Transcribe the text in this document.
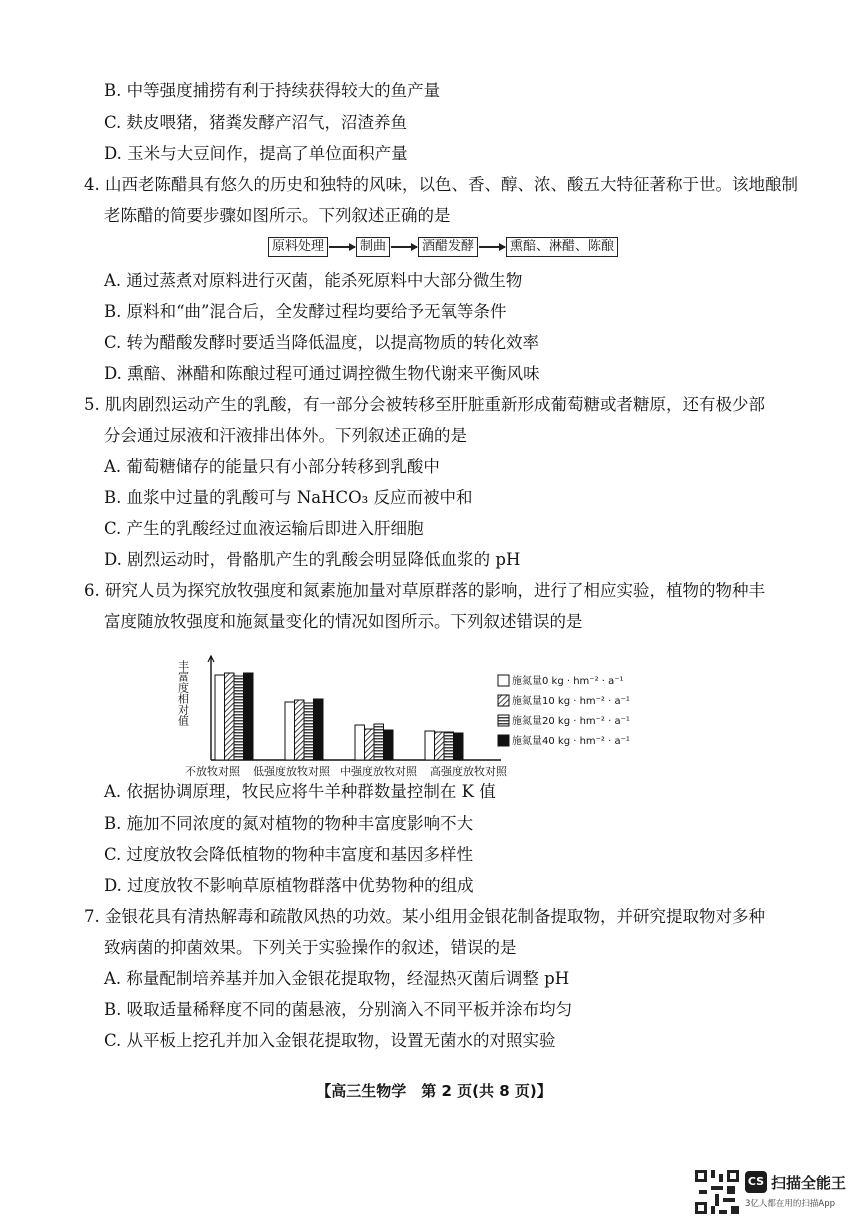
B. 中等强度捕捞有利于持续获得较大的鱼产量
C. 麸皮喂猪，猪粪发酵产沼气，沼渣养鱼
D. 玉米与大豆间作，提高了单位面积产量
4. 山西老陈醋具有悠久的历史和独特的风味，以色、香、醇、浓、酸五大特征著称于世。该地酿制
老陈醋的简要步骤如图所示。下列叙述正确的是
原料处理	制曲	酒醋发酵	熏醅、淋醋、陈酿
A. 通过蒸煮对原料进行灭菌，能杀死原料中大部分微生物
B. 原料和“曲”混合后，全发酵过程均要给予无氧等条件
C. 转为醋酸发酵时要适当降低温度，以提高物质的转化效率
D. 熏醅、淋醋和陈酿过程可通过调控微生物代谢来平衡风味
5. 肌肉剧烈运动产生的乳酸，有一部分会被转移至肝脏重新形成葡萄糖或者糖原，还有极少部
分会通过尿液和汗液排出体外。下列叙述正确的是
A. 葡萄糖储存的能量只有小部分转移到乳酸中
B. 血浆中过量的乳酸可与 NaHCO₃ 反应而被中和
C. 产生的乳酸经过血液运输后即进入肝细胞
D. 剧烈运动时，骨骼肌产生的乳酸会明显降低血浆的 pH
6. 研究人员为探究放牧强度和氮素施加量对草原群落的影响，进行了相应实验，植物的物种丰
富度随放牧强度和施氮量变化的情况如图所示。下列叙述错误的是
丰富度相对值
不放牧对照 低强度放牧对照 中强度放牧对照 高强度放牧对照
施氮量0 kg · hm⁻² · a⁻¹
施氮量10 kg · hm⁻² · a⁻¹
施氮量20 kg · hm⁻² · a⁻¹
施氮量40 kg · hm⁻² · a⁻¹
A. 依据协调原理，牧民应将牛羊种群数量控制在 K 值
B. 施加不同浓度的氮对植物的物种丰富度影响不大
C. 过度放牧会降低植物的物种丰富度和基因多样性
D. 过度放牧不影响草原植物群落中优势物种的组成
7. 金银花具有清热解毒和疏散风热的功效。某小组用金银花制备提取物，并研究提取物对多种
致病菌的抑菌效果。下列关于实验操作的叙述，错误的是
A. 称量配制培养基并加入金银花提取物，经湿热灭菌后调整 pH
B. 吸取适量稀释度不同的菌悬液，分别滴入不同平板并涂布均匀
C. 从平板上挖孔并加入金银花提取物，设置无菌水的对照实验
【高三生物学　第 2 页(共 8 页)】
CS 扫描全能王
3亿人都在用的扫描App
